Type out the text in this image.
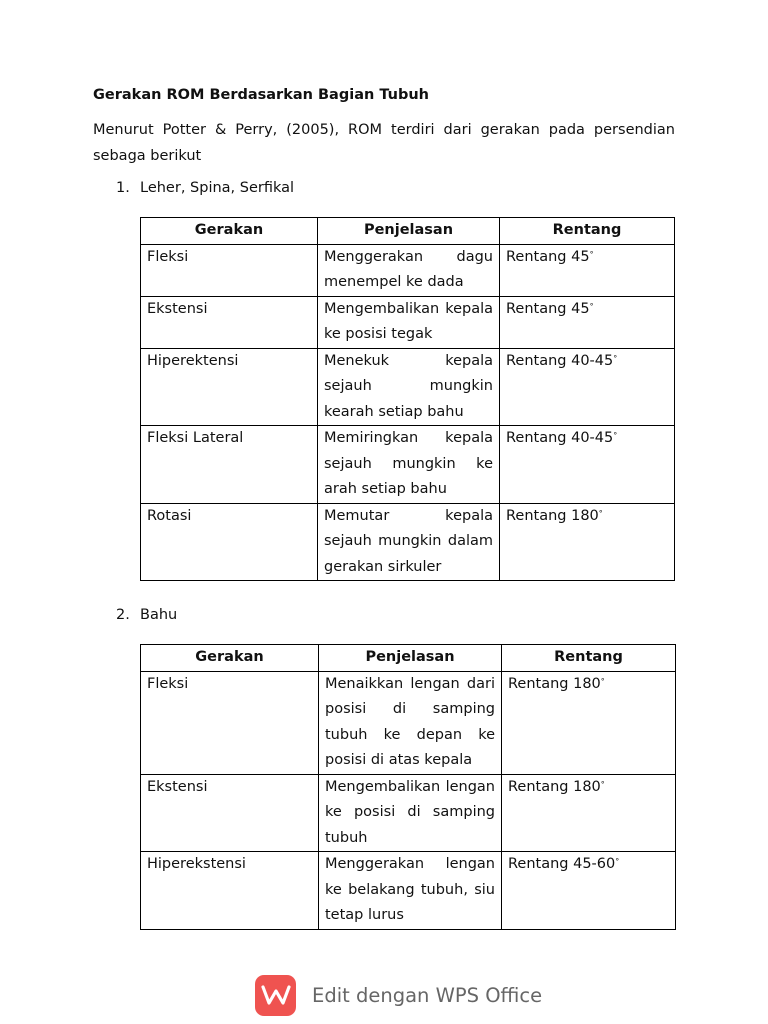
Gerakan ROM Berdasarkan Bagian Tubuh
Menurut Potter & Perry, (2005), ROM terdiri dari gerakan pada persendian sebaga berikut
1. Leher, Spina, Serfikal
Gerakan	Penjelasan	Rentang
Fleksi	Menggerakan dagu menempel ke dada	Rentang 45°
Ekstensi	Mengembalikan kepala ke posisi tegak	Rentang 45°
Hiperektensi	Menekuk kepala sejauh mungkin kearah setiap bahu	Rentang 40-45°
Fleksi Lateral	Memiringkan kepala sejauh mungkin ke arah setiap bahu	Rentang 40-45°
Rotasi	Memutar kepala sejauh mungkin dalam gerakan sirkuler	Rentang 180°
2. Bahu
Gerakan	Penjelasan	Rentang
Fleksi	Menaikkan lengan dari posisi di samping tubuh ke depan ke posisi di atas kepala	Rentang 180°
Ekstensi	Mengembalikan lengan ke posisi di samping tubuh	Rentang 180°
Hiperekstensi	Menggerakan lengan ke belakang tubuh, siu tetap lurus	Rentang 45-60°
Edit dengan WPS Office
